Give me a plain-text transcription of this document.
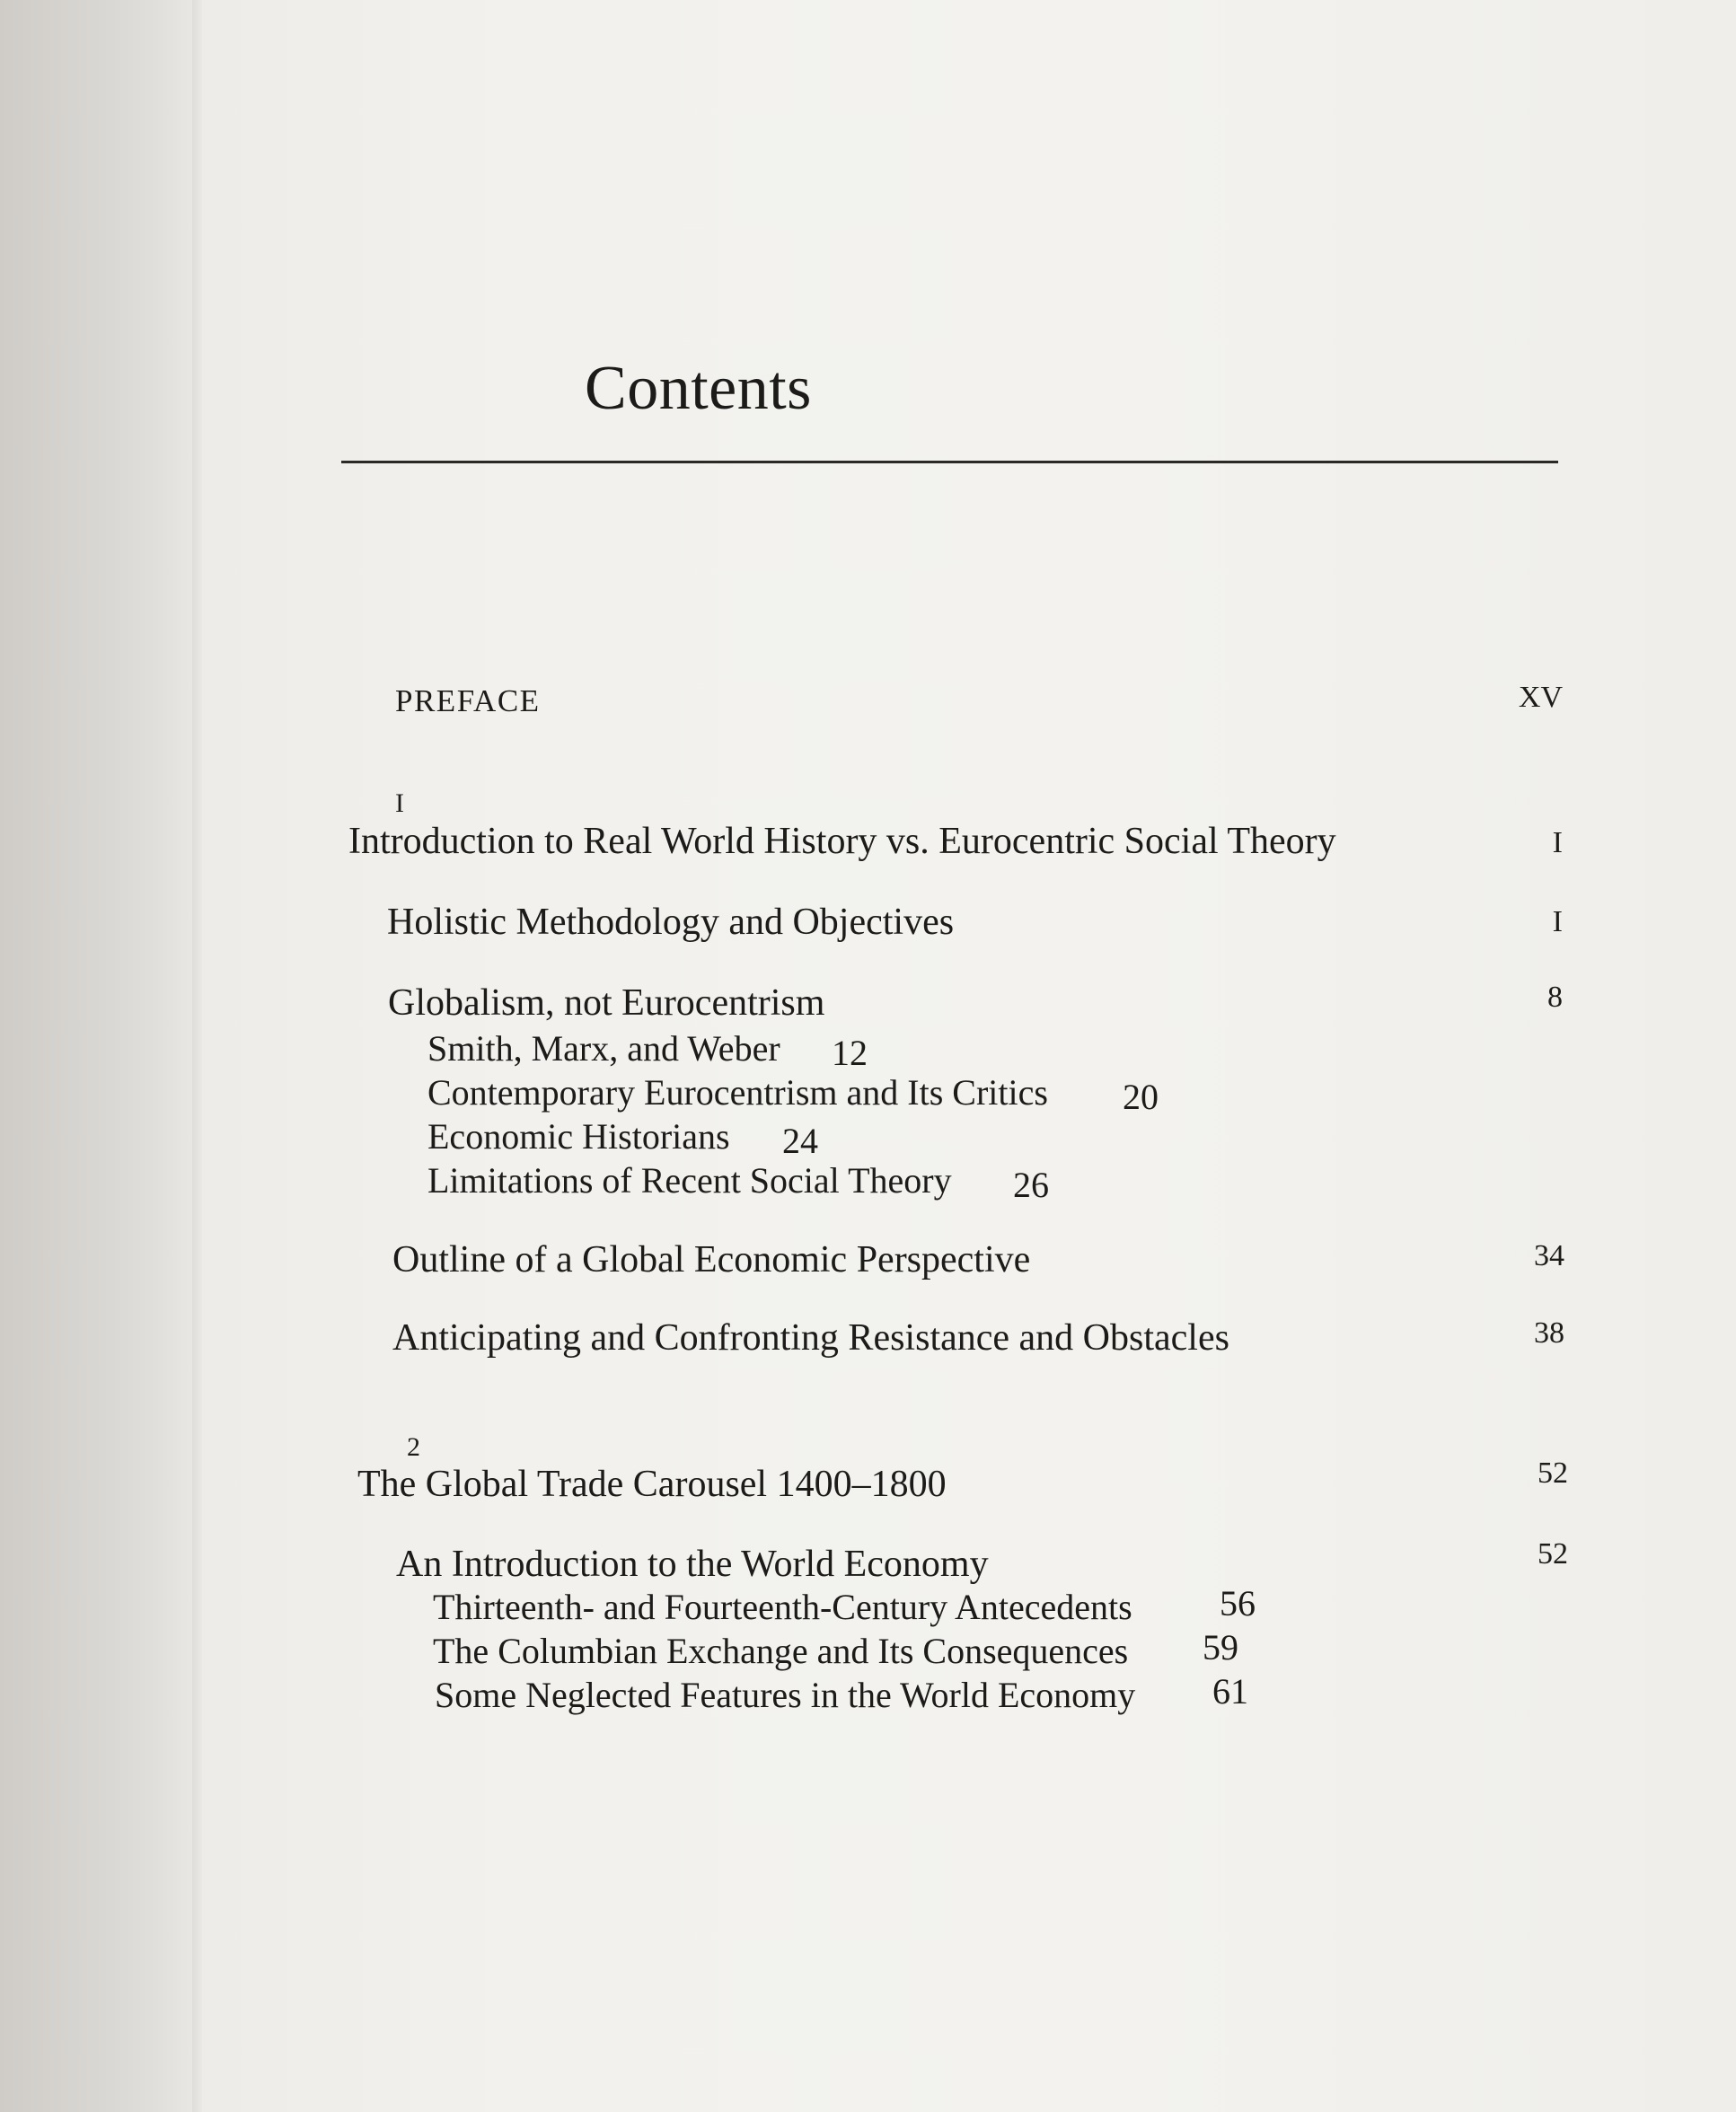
Contents
PREFACE	XV
I
Introduction to Real World History vs. Eurocentric Social Theory	I
Holistic Methodology and Objectives	I
Globalism, not Eurocentrism	8
Smith, Marx, and Weber 12
Contemporary Eurocentrism and Its Critics 20
Economic Historians 24
Limitations of Recent Social Theory 26
Outline of a Global Economic Perspective	34
Anticipating and Confronting Resistance and Obstacles	38
2
The Global Trade Carousel 1400–1800	52
An Introduction to the World Economy	52
Thirteenth- and Fourteenth-Century Antecedents 56
The Columbian Exchange and Its Consequences 59
Some Neglected Features in the World Economy 61
